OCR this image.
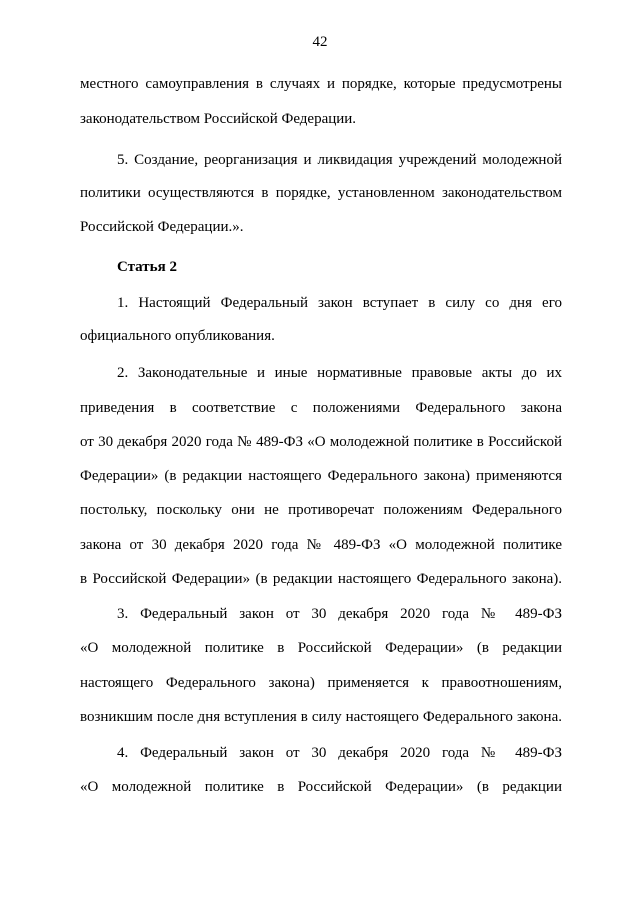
42
местного самоуправления в случаях и порядке, которые предусмотрены
законодательством Российской Федерации.
5. Создание, реорганизация и ликвидация учреждений молодежной
политики осуществляются в порядке, установленном законодательством
Российской Федерации.».
Статья 2
1. Настоящий Федеральный закон вступает в силу со дня его
официального опубликования.
2. Законодательные и иные нормативные правовые акты до их
приведения в соответствие с положениями Федерального закона
от 30 декабря 2020 года № 489-ФЗ «О молодежной политике в Российской
Федерации» (в редакции настоящего Федерального закона) применяются
постольку, поскольку они не противоречат положениям Федерального
закона от 30 декабря 2020 года № 489-ФЗ «О молодежной политике
в Российской Федерации» (в редакции настоящего Федерального закона).
3. Федеральный закон от 30 декабря 2020 года № 489-ФЗ
«О молодежной политике в Российской Федерации» (в редакции
настоящего Федерального закона) применяется к правоотношениям,
возникшим после дня вступления в силу настоящего Федерального закона.
4. Федеральный закон от 30 декабря 2020 года № 489-ФЗ
«О молодежной политике в Российской Федерации» (в редакции
